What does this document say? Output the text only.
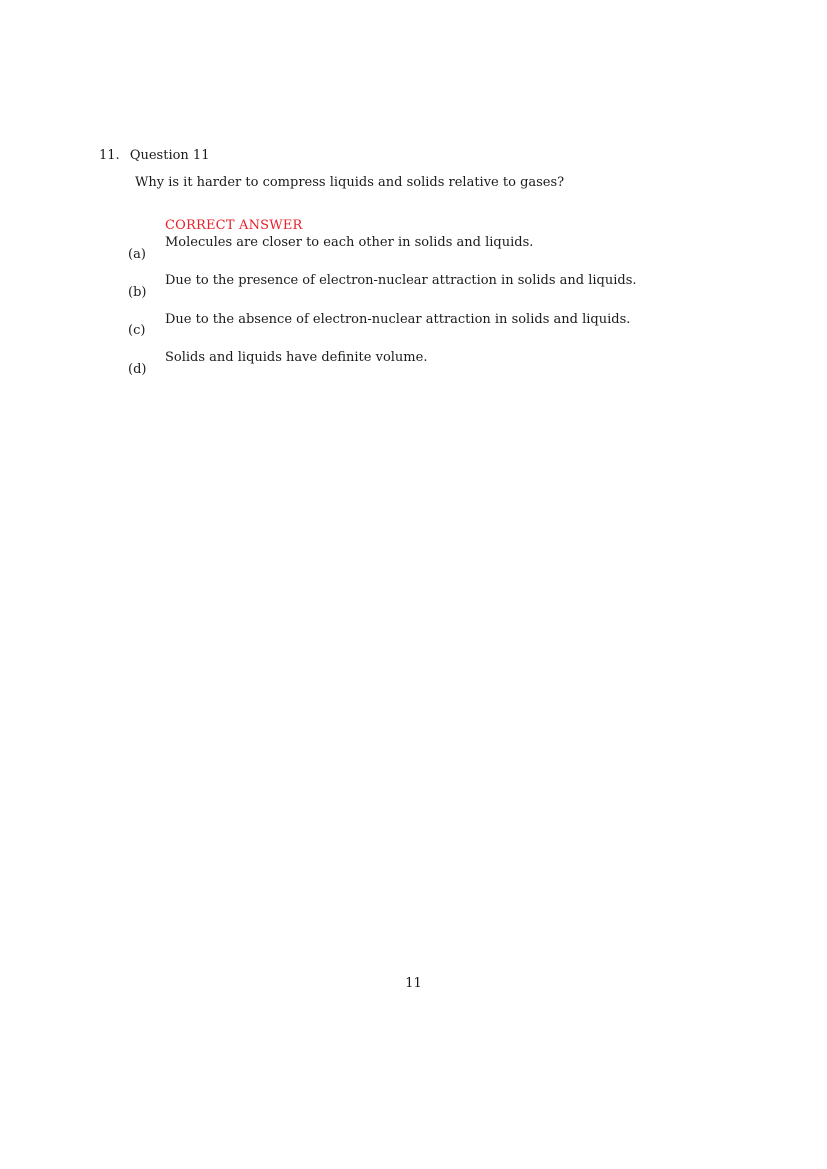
11. Question 11
Why is it harder to compress liquids and solids relative to gases?
CORRECT ANSWER
(a)
Molecules are closer to each other in solids and liquids.
(b)
Due to the presence of electron-nuclear attraction in solids and liquids.
(c)
Due to the absence of electron-nuclear attraction in solids and liquids.
(d)
Solids and liquids have definite volume.
11
